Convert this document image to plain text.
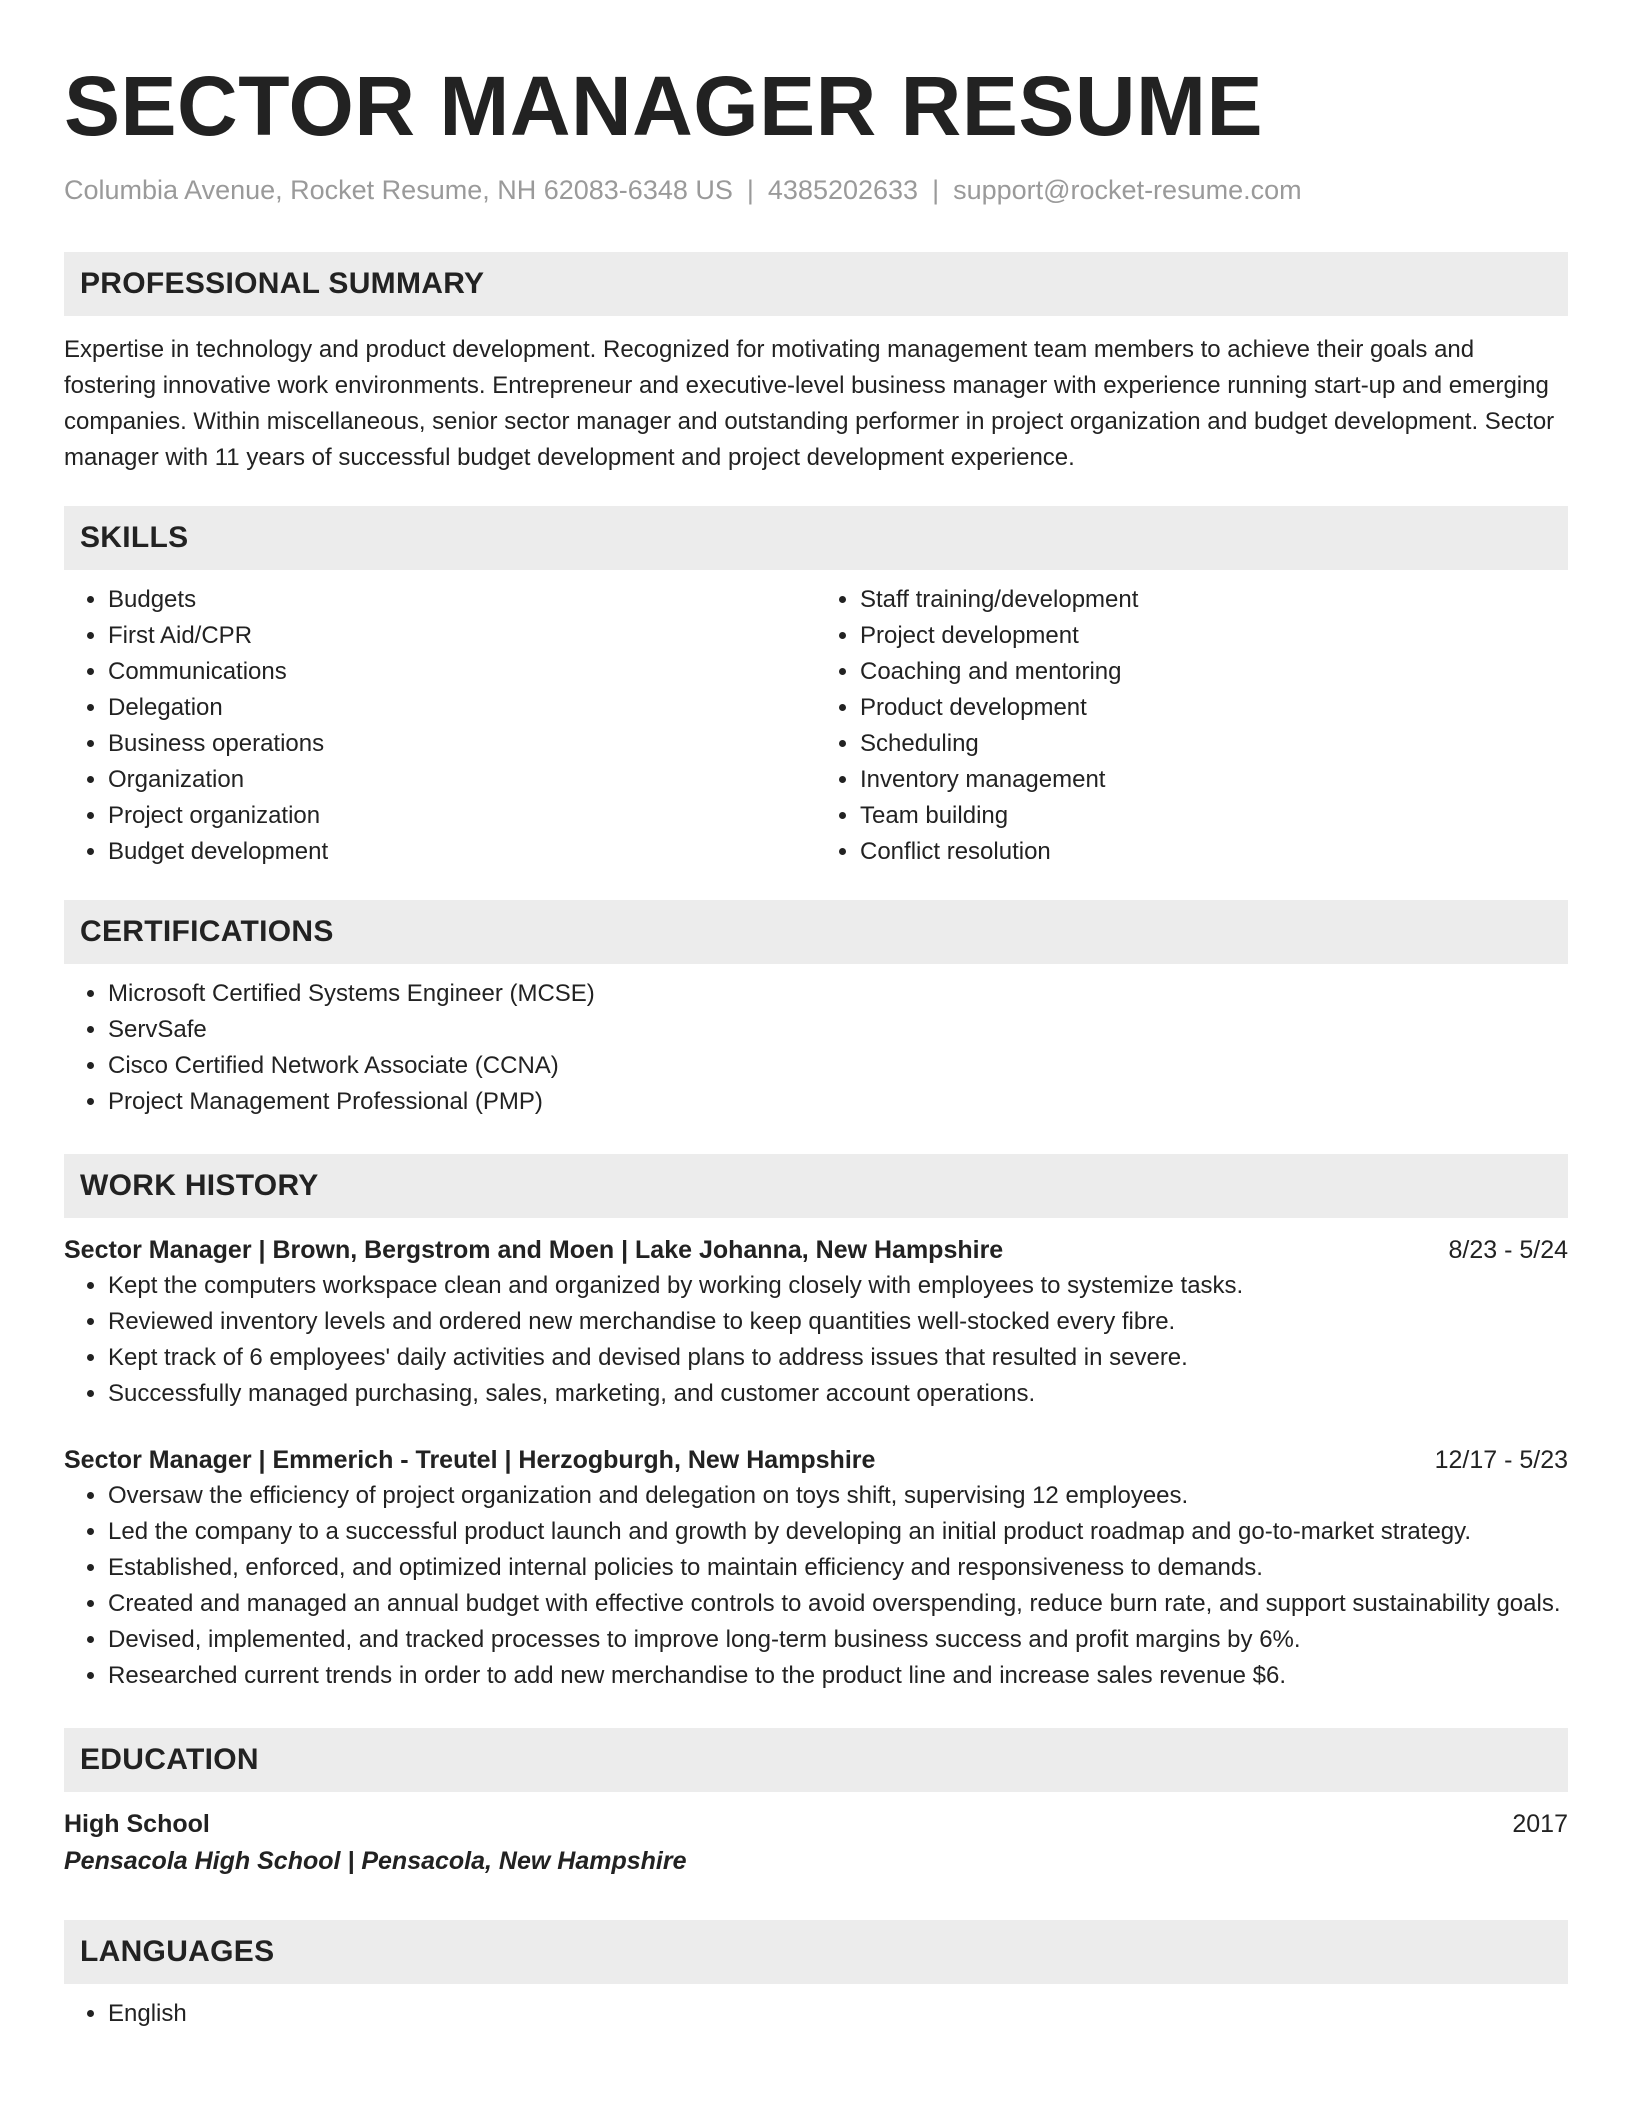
SECTOR MANAGER RESUME
Columbia Avenue, Rocket Resume, NH 62083-6348 US | 4385202633 | support@rocket-resume.com
PROFESSIONAL SUMMARY

Expertise in technology and product development. Recognized for motivating management team members to achieve their goals and fostering innovative work environments. Entrepreneur and executive-level business manager with experience running start-up and emerging companies. Within miscellaneous, senior sector manager and outstanding performer in project organization and budget development. Sector manager with 11 years of successful budget development and project development experience.

SKILLS
• Budgets
• First Aid/CPR
• Communications
• Delegation
• Business operations
• Organization
• Project organization
• Budget development
• Staff training/development
• Project development
• Coaching and mentoring
• Product development
• Scheduling
• Inventory management
• Team building
• Conflict resolution
CERTIFICATIONS
• Microsoft Certified Systems Engineer (MCSE)
• ServSafe
• Cisco Certified Network Associate (CCNA)
• Project Management Professional (PMP)
WORK HISTORY
Sector Manager | Brown, Bergstrom and Moen | Lake Johanna, New Hampshire	8/23 - 5/24
• Kept the computers workspace clean and organized by working closely with employees to systemize tasks.
• Reviewed inventory levels and ordered new merchandise to keep quantities well-stocked every fibre.
• Kept track of 6 employees' daily activities and devised plans to address issues that resulted in severe.
• Successfully managed purchasing, sales, marketing, and customer account operations.
Sector Manager | Emmerich - Treutel | Herzogburgh, New Hampshire	12/17 - 5/23
• Oversaw the efficiency of project organization and delegation on toys shift, supervising 12 employees.
• Led the company to a successful product launch and growth by developing an initial product roadmap and go-to-market strategy.
• Established, enforced, and optimized internal policies to maintain efficiency and responsiveness to demands.
• Created and managed an annual budget with effective controls to avoid overspending, reduce burn rate, and support sustainability goals.
• Devised, implemented, and tracked processes to improve long-term business success and profit margins by 6%.
• Researched current trends in order to add new merchandise to the product line and increase sales revenue $6.
EDUCATION
High School	2017
Pensacola High School | Pensacola, New Hampshire
LANGUAGES
• English
